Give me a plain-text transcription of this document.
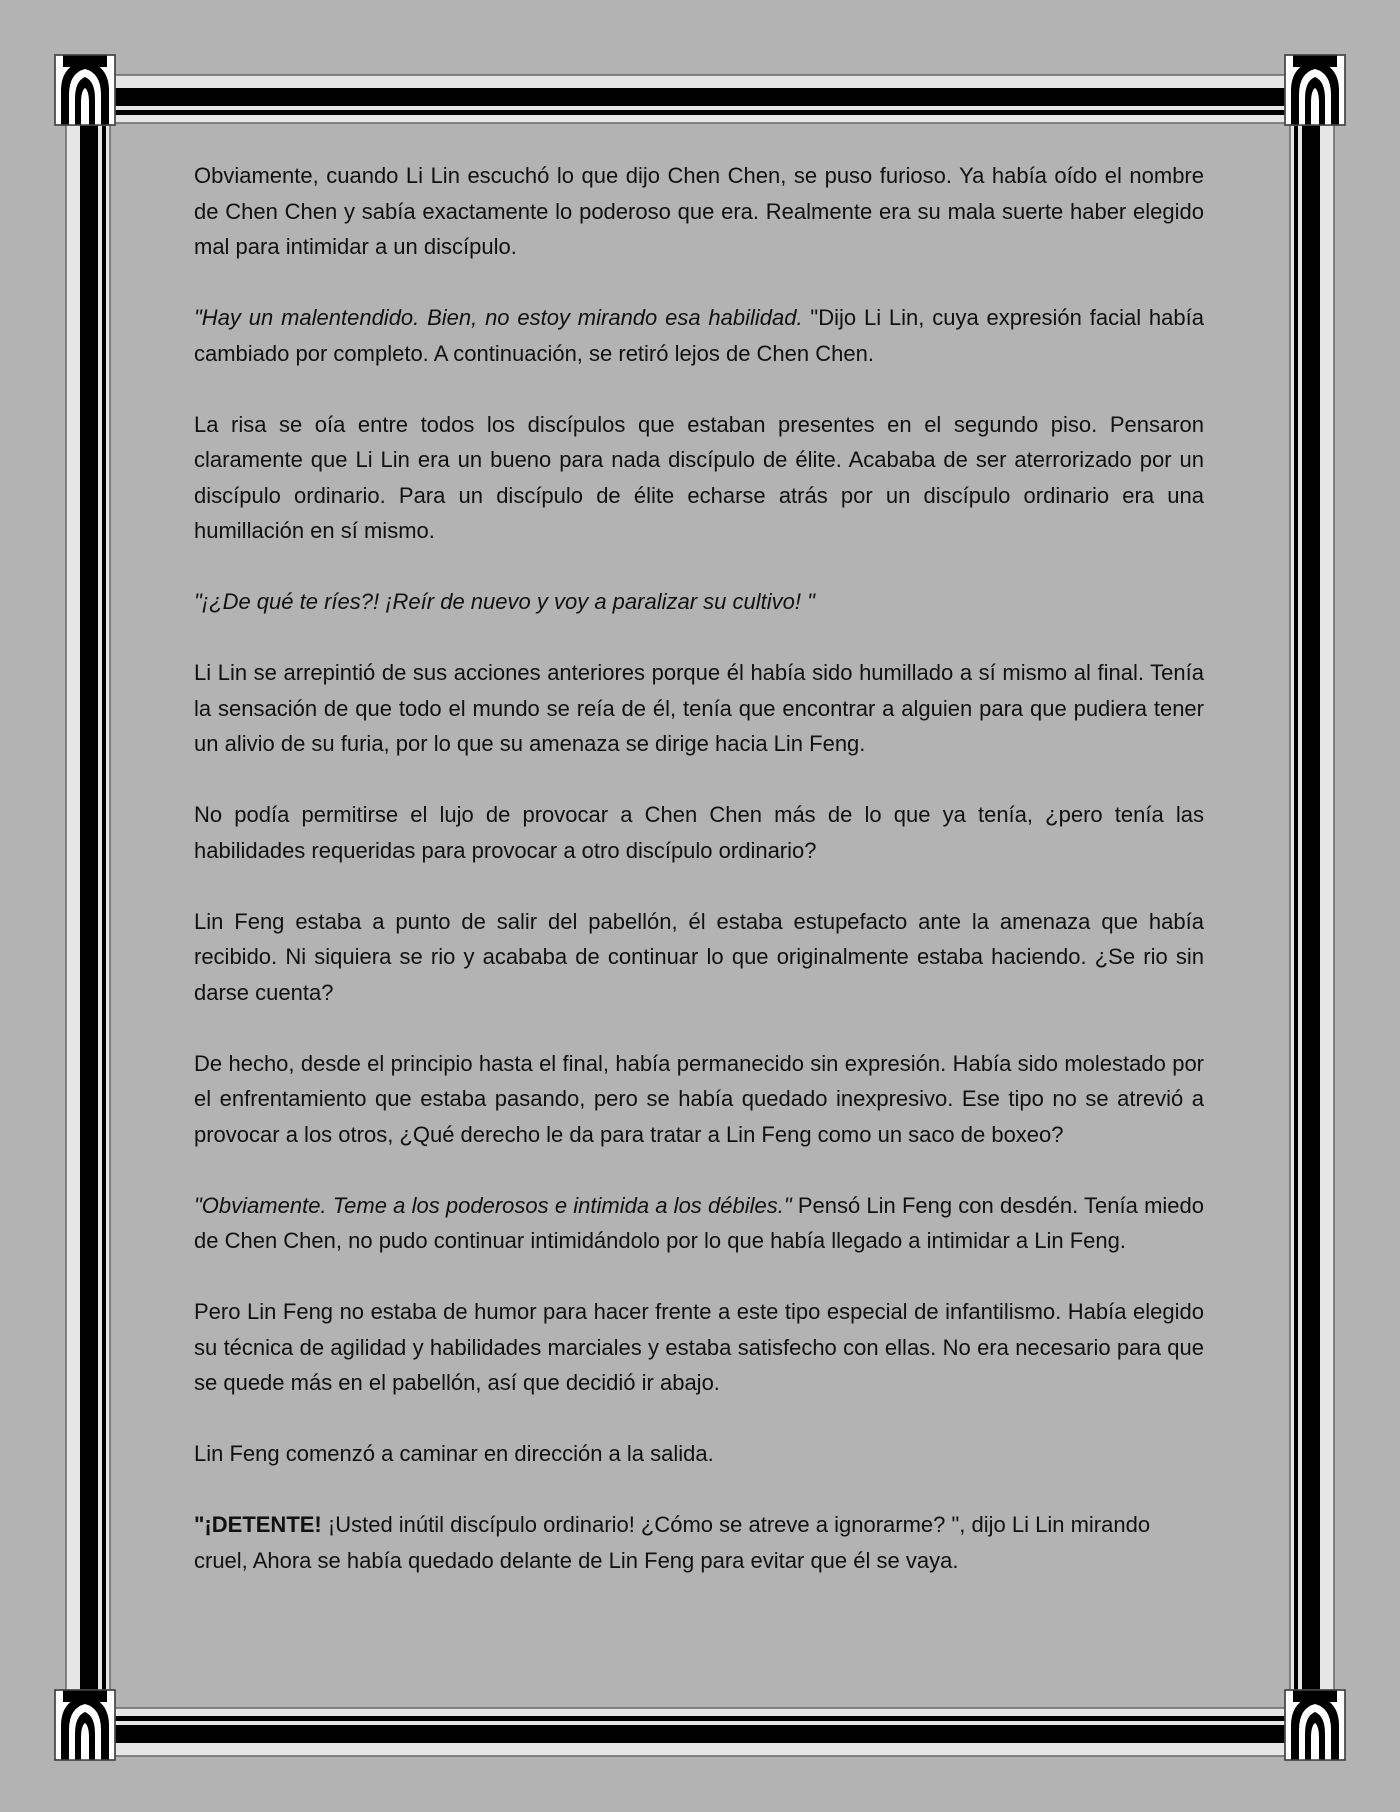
Obviamente, cuando Li Lin escuchó lo que dijo Chen Chen, se puso furioso. Ya había oído el nombre de Chen Chen y sabía exactamente lo poderoso que era. Realmente era su mala suerte haber elegido mal para intimidar a un discípulo.

"Hay un malentendido. Bien, no estoy mirando esa habilidad. "Dijo Li Lin, cuya expresión facial había cambiado por completo. A continuación, se retiró lejos de Chen Chen.

La risa se oía entre todos los discípulos que estaban presentes en el segundo piso. Pensaron claramente que Li Lin era un bueno para nada discípulo de élite. Acababa de ser aterrorizado por un discípulo ordinario. Para un discípulo de élite echarse atrás por un discípulo ordinario era una humillación en sí mismo.

"¡¿De qué te ríes?! ¡Reír de nuevo y voy a paralizar su cultivo! "

Li Lin se arrepintió de sus acciones anteriores porque él había sido humillado a sí mismo al final. Tenía la sensación de que todo el mundo se reía de él, tenía que encontrar a alguien para que pudiera tener un alivio de su furia, por lo que su amenaza se dirige hacia Lin Feng.

No podía permitirse el lujo de provocar a Chen Chen más de lo que ya tenía, ¿pero tenía las habilidades requeridas para provocar a otro discípulo ordinario?

Lin Feng estaba a punto de salir del pabellón, él estaba estupefacto ante la amenaza que había recibido. Ni siquiera se rio y acababa de continuar lo que originalmente estaba haciendo. ¿Se rio sin darse cuenta?

De hecho, desde el principio hasta el final, había permanecido sin expresión. Había sido molestado por el enfrentamiento que estaba pasando, pero se había quedado inexpresivo. Ese tipo no se atrevió a provocar a los otros, ¿Qué derecho le da para tratar a Lin Feng como un saco de boxeo?

"Obviamente. Teme a los poderosos e intimida a los débiles." Pensó Lin Feng con desdén. Tenía miedo de Chen Chen, no pudo continuar intimidándolo por lo que había llegado a intimidar a Lin Feng.

Pero Lin Feng no estaba de humor para hacer frente a este tipo especial de infantilismo. Había elegido su técnica de agilidad y habilidades marciales y estaba satisfecho con ellas. No era necesario para que se quede más en el pabellón, así que decidió ir abajo.

Lin Feng comenzó a caminar en dirección a la salida.

"¡DETENTE! ¡Usted inútil discípulo ordinario! ¿Cómo se atreve a ignorarme? ", dijo Li Lin mirando cruel, Ahora se había quedado delante de Lin Feng para evitar que él se vaya.
